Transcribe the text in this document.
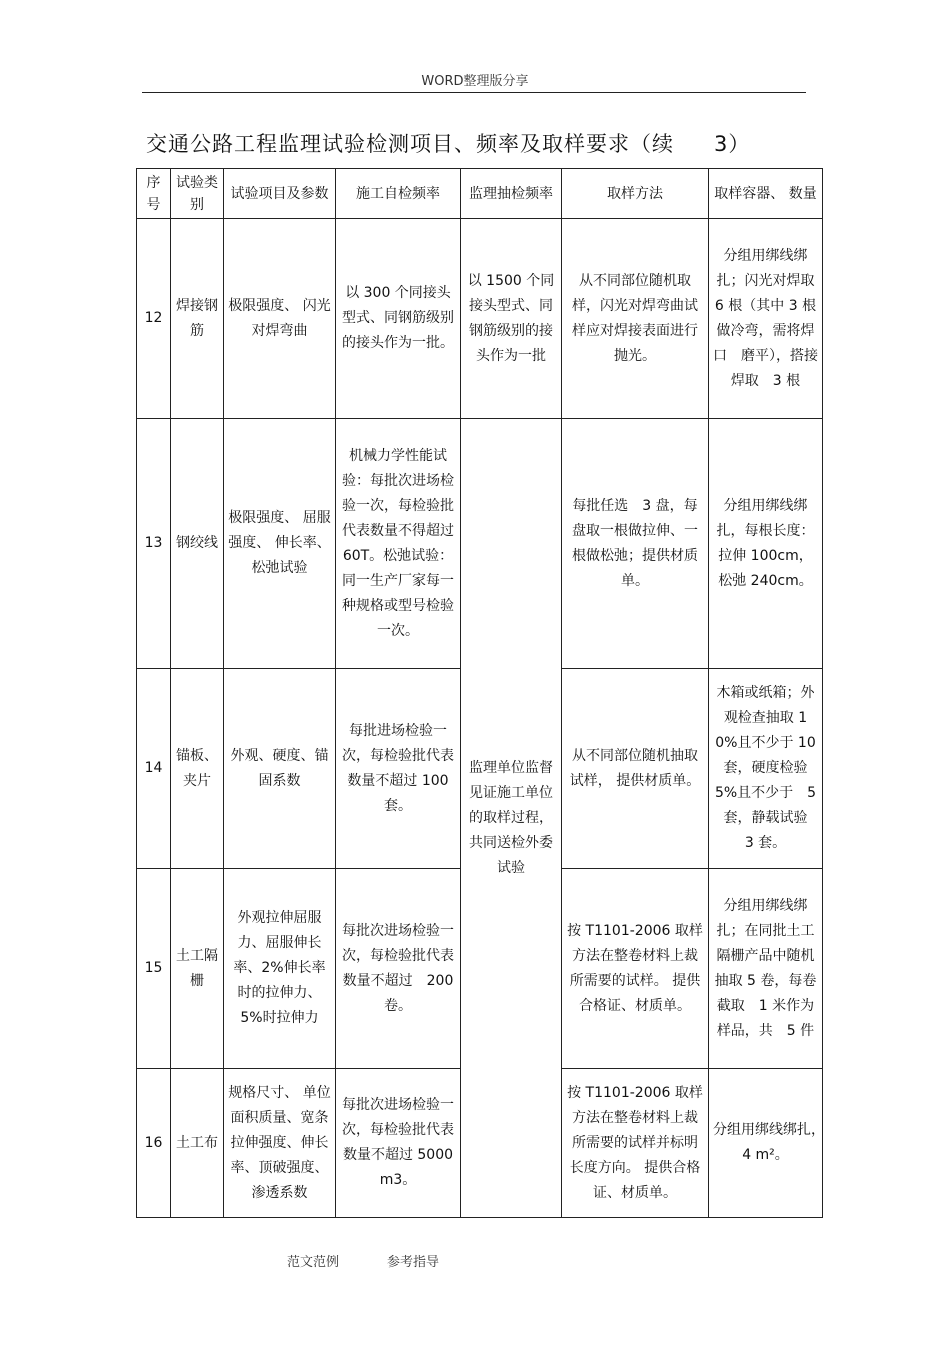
WORD整理版分享
交通公路工程监理试验检测项目、频率及取样要求（续 3）
序号	试验类别	试验项目及参数	施工自检频率	监理抽检频率	取样方法	取样容器、 数量
12	焊接钢筋	极限强度、 闪光对焊弯曲	以 300 个同接头型式、同钢筋级别的接头作为一批。	以 1500 个同接头型式、同钢筋级别的接头作为一批	从不同部位随机取样，闪光对焊弯曲试样应对焊接表面进行抛光。	分组用绑线绑扎；闪光对焊取 6 根（其中 3 根做冷弯，需将焊口　磨平），搭接焊取　3 根
13	钢绞线	极限强度、 屈服强度、 伸长率、松弛试验	机械力学性能试验：每批次进场检验一次，每检验批代表数量不得超过 60T。松弛试验：同一生产厂家每一种规格或型号检验一次。	监理单位监督见证施工单位的取样过程，共同送检外委试验	每批任选　3 盘，每盘取一根做拉伸、一根做松弛；提供材质单。	分组用绑线绑扎，每根长度：拉伸 100cm，松弛 240cm。
14	锚板、夹片	外观、硬度、锚固系数	每批进场检验一次，每检验批代表数量不超过 100 套。		从不同部位随机抽取试样， 提供材质单。	木箱或纸箱；外观检查抽取 10%且不少于 10 套，硬度检验 5%且不少于　5 套，静载试验　3 套。
15	土工隔栅	外观拉伸屈服力、屈服伸长率、2%伸长率时的拉伸力、5%时拉伸力	每批次进场检验一次，每检验批代表数量不超过　200 卷。		按 T1101-2006 取样方法在整卷材料上裁所需要的试样。 提供合格证、材质单。	分组用绑线绑扎；在同批土工隔栅产品中随机抽取 5 卷，每卷截取　1 米作为样品，共　5 件
16	土工布	规格尺寸、 单位面积质量、宽条拉伸强度、伸长率、顶破强度、 渗透系数	每批次进场检验一次，每检验批代表数量不超过 5000m3。		按 T1101-2006 取样方法在整卷材料上裁所需要的试样并标明长度方向。 提供合格证、材质单。	分组用绑线绑扎，　4 m²。
范文范例	参考指导
